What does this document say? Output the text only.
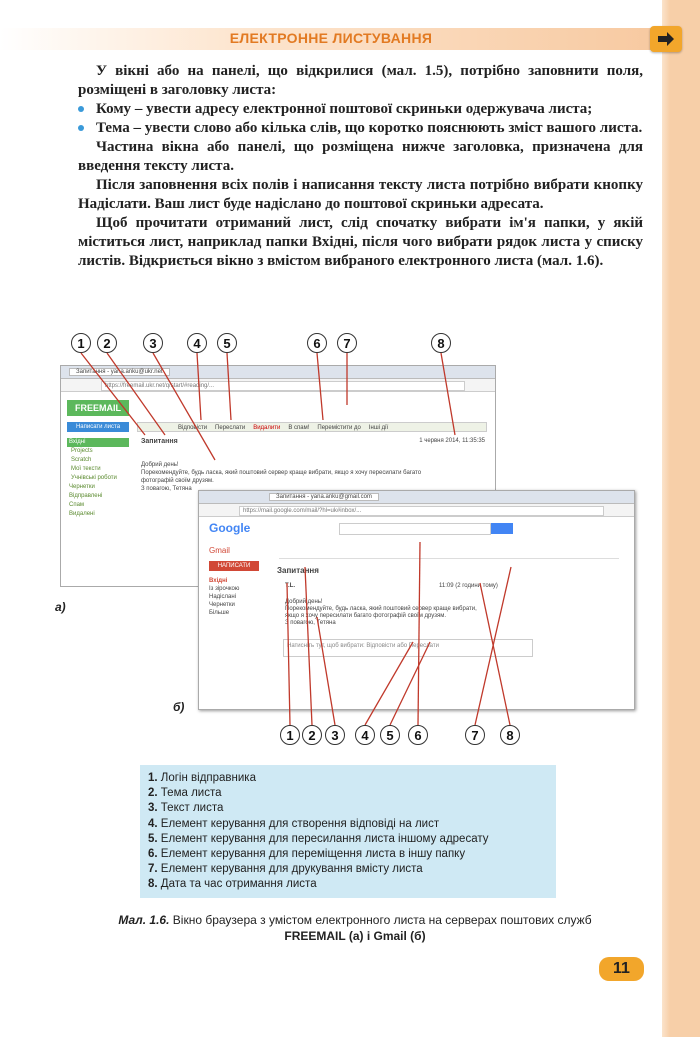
ЕЛЕКТРОННЕ ЛИСТУВАННЯ

У вікні або на панелі, що відкрилися (мал. 1.5), потрібно заповнити поля, розміщені в заголовку листа:

Кому – увести адресу електронної поштової скриньки одержувача листа;
Тема – увести слово або кілька слів, що коротко пояснюють зміст вашого листа.

Частина вікна або панелі, що розміщена нижче заголовка, призначена для введення тексту листа.

Після заповнення всіх полів і написання тексту листа потрібно вибрати кнопку Надіслати. Ваш лист буде надіслано до поштової скриньки адресата.

Щоб прочитати отриманий лист, слід спочатку вибрати ім'я папки, у якій міститься лист, наприклад папки Вхідні, після чого вибрати рядок листа у списку листів. Відкриється вікно з вмістом вибраного електронного листа (мал. 1.6).

1	2	3	4	5	6	7	8
Запитання - yana.anku@ukr.net
https://freemail.ukr.net/q/start/#reading/...
FREEMAIL
Написати листа
Вхідні
Projects
Scratch
Мої тексти
Учнівські роботи
Чернетки
Відправлені
Спам
Видалені
Відповісти Переслати Видалити В спам! Перемістити до Інші дії
Запитання	1 червня 2014, 11:35:35
Добрий день!
Порекомендуйте, будь ласка, який поштовий сервер краще вибрати, якщо я хочу пересилати багато фотографій своїм друзям.
З повагою, Тетяна
Запитання - yana.anku@gmail.com
https://mail.google.com/mail/?hl=uk#inbox/...
Google
Gmail
НАПИСАТИ
Вхідні
Із зірочкою
Надіслані
Чернетки
Більше
Запитання
T.L.	11:09 (2 години тому)
Добрий день!
Порекомендуйте, будь ласка, який поштовий сервер краще вибрати, якщо я хочу пересилати багато фотографій своїм друзям.
З повагою, Тетяна
Натисніть тут, щоб вибрати: Відповісти або Переслати
а)
б)
1	2	3	4	5	6	7	8
1. Логін відправника
2. Тема листа
3. Текст листа
4. Елемент керування для створення відповіді на лист
5. Елемент керування для пересилання листа іншому адресату
6. Елемент керування для переміщення листа в іншу папку
7. Елемент керування для друкування вмісту листа
8. Дата та час отримання листа
Мал. 1.6. Вікно браузера з умістом електронного листа на серверах поштових служб
FREEMAIL (а) і Gmail (б)
11
